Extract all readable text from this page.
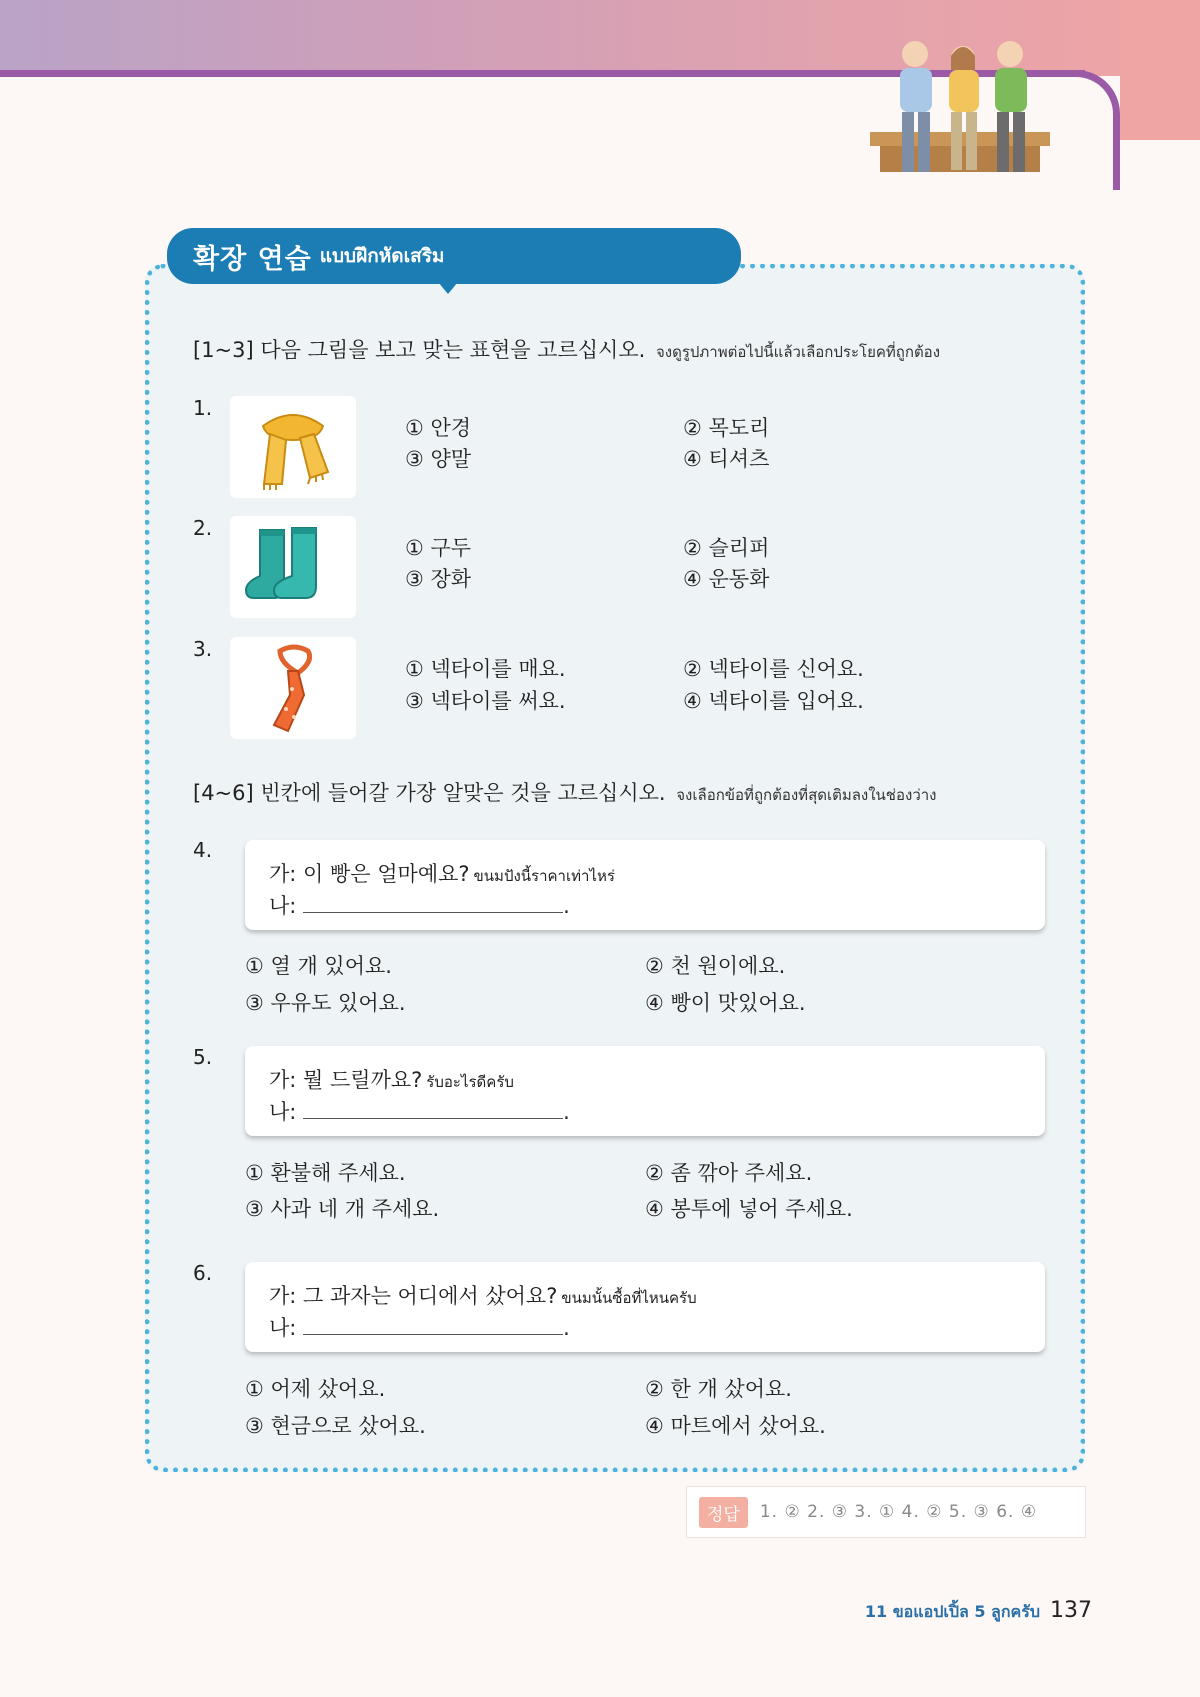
확장 연습 แบบฝึกหัดเสริม
[1~3] 다음 그림을 보고 맞는 표현을 고르십시오. จงดูรูปภาพต่อไปนี้แล้วเลือกประโยคที่ถูกต้อง
1.
① 안경	② 목도리
③ 양말	④ 티셔츠
2.
① 구두	② 슬리퍼
③ 장화	④ 운동화
3.
① 넥타이를 매요.	② 넥타이를 신어요.
③ 넥타이를 써요.	④ 넥타이를 입어요.
[4~6] 빈칸에 들어갈 가장 알맞은 것을 고르십시오. จงเลือกข้อที่ถูกต้องที่สุดเติมลงในช่องว่าง
4.
가: 이 빵은 얼마예요? ขนมปังนี้ราคาเท่าไหร่
나:	.
① 열 개 있어요.	② 천 원이에요.
③ 우유도 있어요.	④ 빵이 맛있어요.
5.
가: 뭘 드릴까요? รับอะไรดีครับ
나:	.
① 환불해 주세요.	② 좀 깎아 주세요.
③ 사과 네 개 주세요.	④ 봉투에 넣어 주세요.
6.
가: 그 과자는 어디에서 샀어요? ขนมนั้นซื้อที่ไหนครับ
나:	.
① 어제 샀어요.	② 한 개 샀어요.
③ 현금으로 샀어요.	④ 마트에서 샀어요.
정답	1. ② 2. ③ 3. ① 4. ② 5. ③ 6. ④
11 ขอแอปเปิ้ล 5 ลูกครับ 137
